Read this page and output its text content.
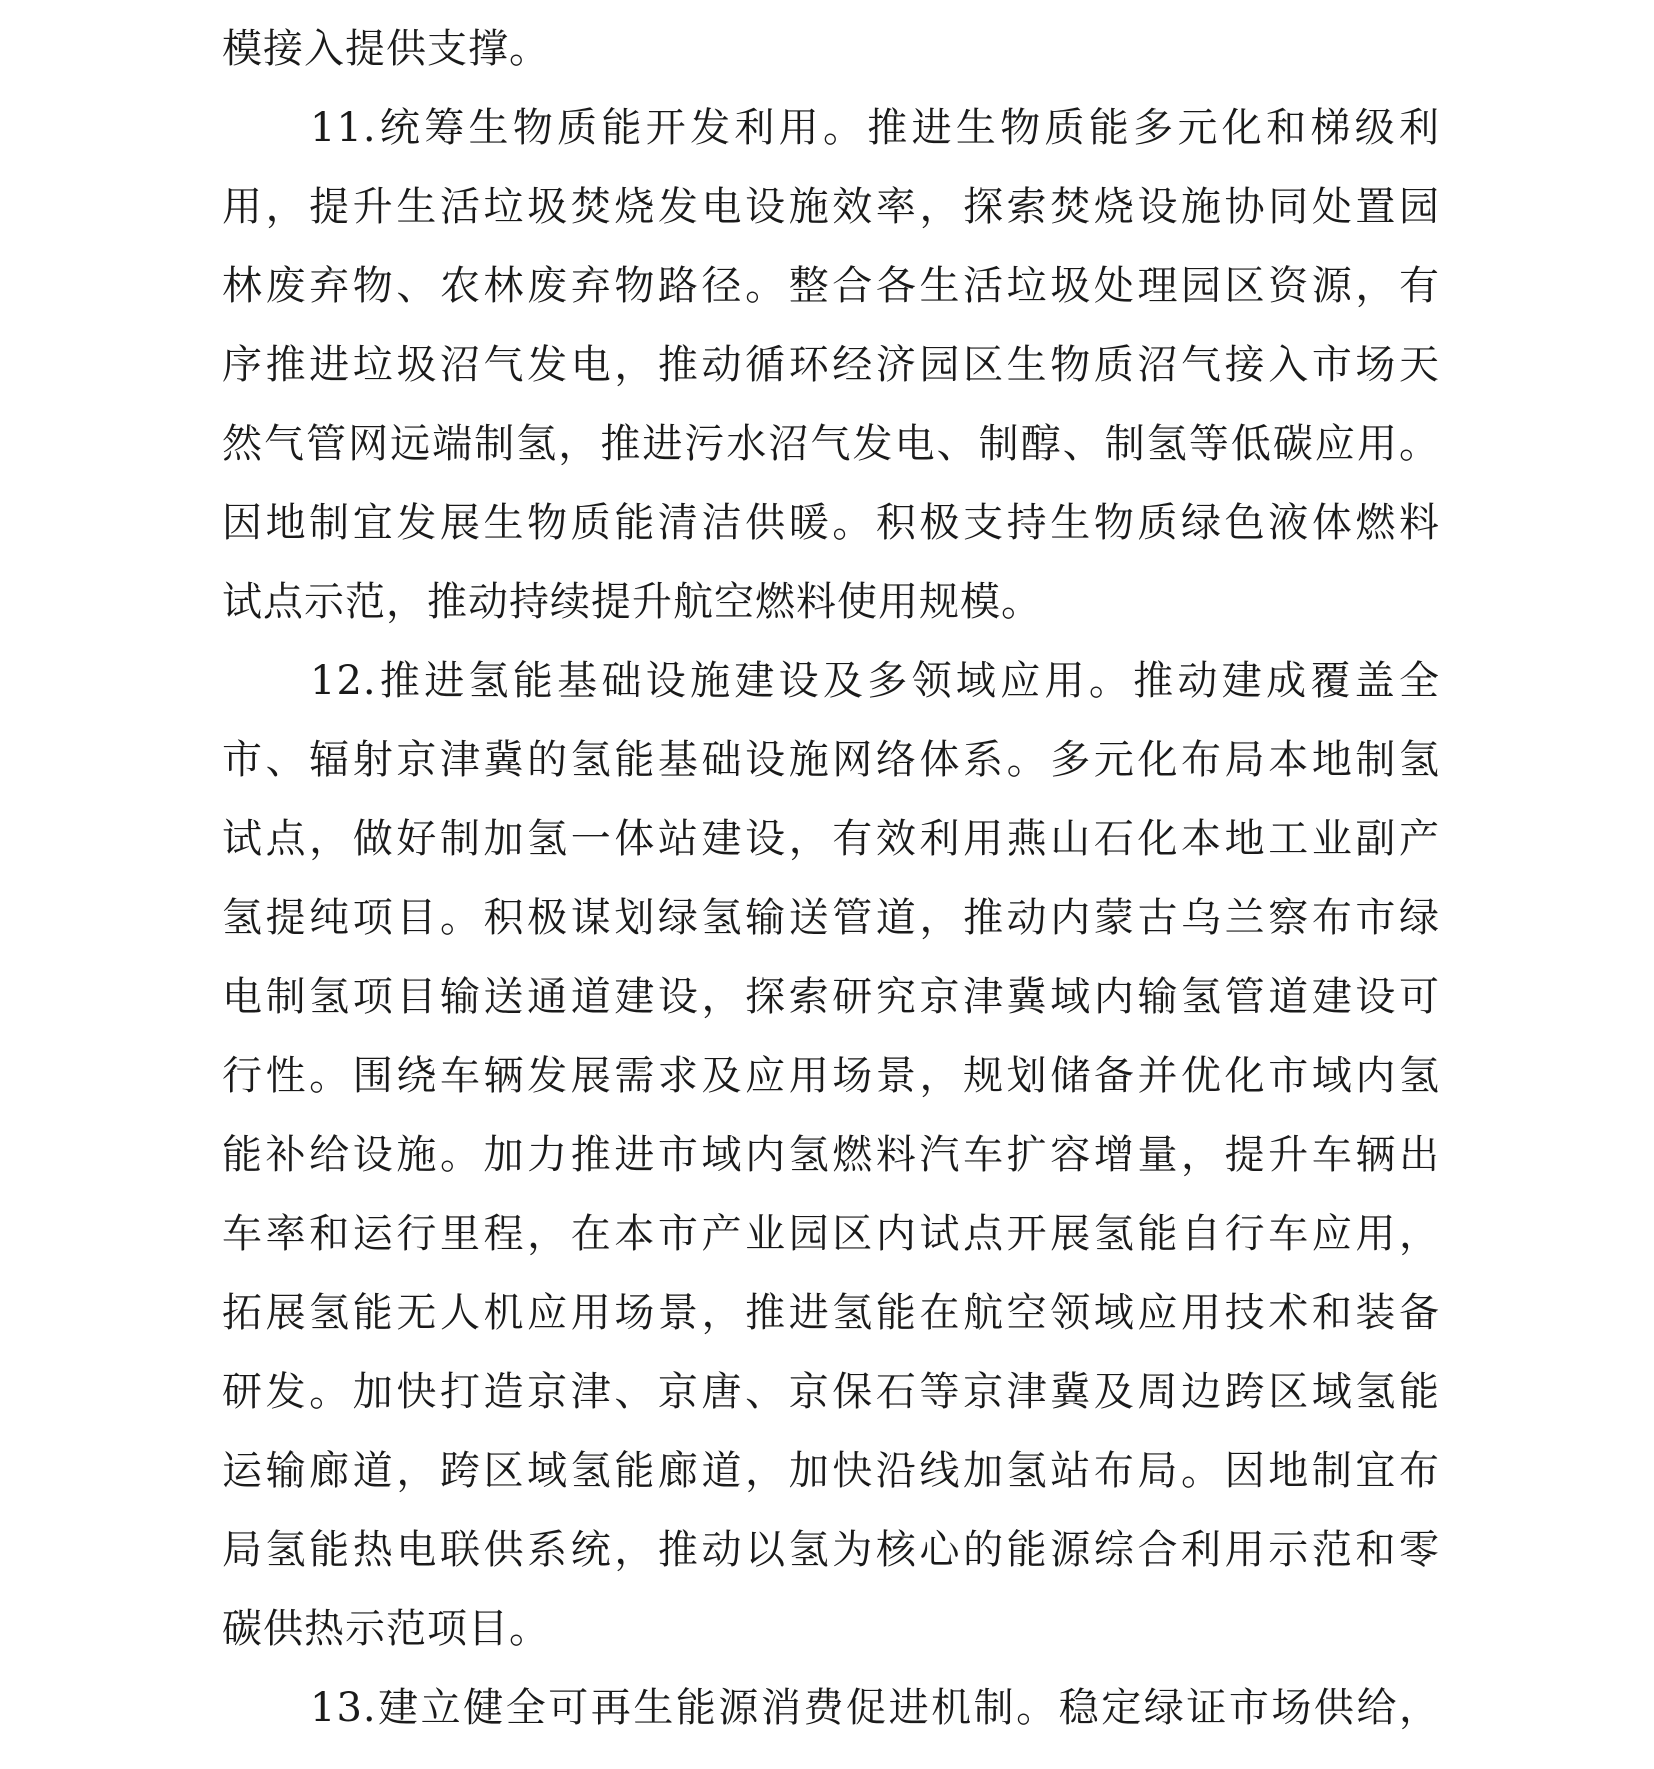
模接入提供支撑。
11.统筹生物质能开发利用。推进生物质能多元化和梯级利
用，提升生活垃圾焚烧发电设施效率，探索焚烧设施协同处置园
林废弃物、农林废弃物路径。整合各生活垃圾处理园区资源，有
序推进垃圾沼气发电，推动循环经济园区生物质沼气接入市场天
然气管网远端制氢，推进污水沼气发电、制醇、制氢等低碳应用。
因地制宜发展生物质能清洁供暖。积极支持生物质绿色液体燃料
试点示范，推动持续提升航空燃料使用规模。
12.推进氢能基础设施建设及多领域应用。推动建成覆盖全
市、辐射京津冀的氢能基础设施网络体系。多元化布局本地制氢
试点，做好制加氢一体站建设，有效利用燕山石化本地工业副产
氢提纯项目。积极谋划绿氢输送管道，推动内蒙古乌兰察布市绿
电制氢项目输送通道建设，探索研究京津冀域内输氢管道建设可
行性。围绕车辆发展需求及应用场景，规划储备并优化市域内氢
能补给设施。加力推进市域内氢燃料汽车扩容增量，提升车辆出
车率和运行里程，在本市产业园区内试点开展氢能自行车应用，
拓展氢能无人机应用场景，推进氢能在航空领域应用技术和装备
研发。加快打造京津、京唐、京保石等京津冀及周边跨区域氢能
运输廊道，跨区域氢能廊道，加快沿线加氢站布局。因地制宜布
局氢能热电联供系统，推动以氢为核心的能源综合利用示范和零
碳供热示范项目。
13.建立健全可再生能源消费促进机制。稳定绿证市场供给，
